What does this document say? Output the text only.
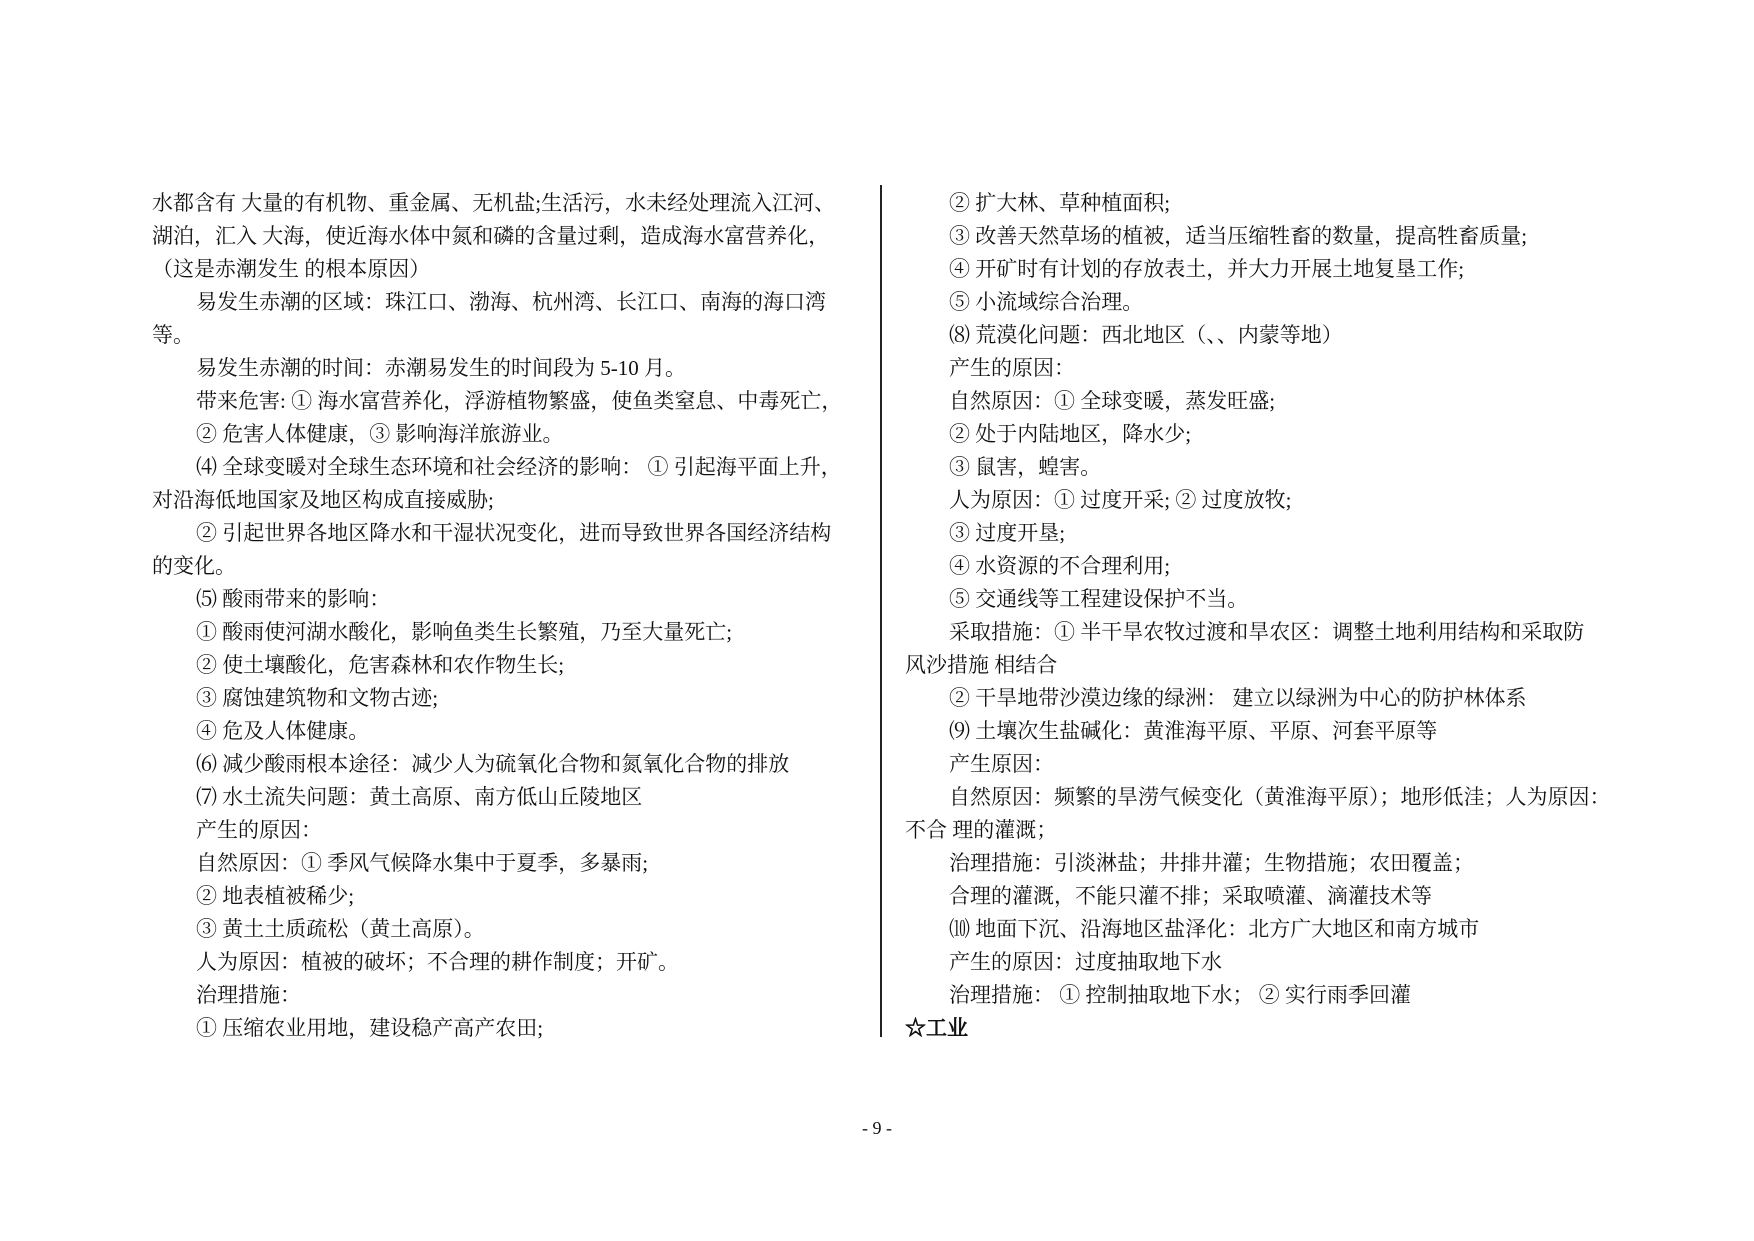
水都含有 大量的有机物、重金属、无机盐;生活污，水未经处理流入江河、
湖泊，汇入 大海，使近海水体中氮和磷的含量过剩，造成海水富营养化，
（这是赤潮发生 的根本原因）
易发生赤潮的区域：珠江口、渤海、杭州湾、长江口、南海的海口湾
等。
易发生赤潮的时间：赤潮易发生的时间段为 5-10 月。
带来危害: ① 海水富营养化，浮游植物繁盛，使鱼类窒息、中毒死亡，
② 危害人体健康，③ 影响海洋旅游业。
⑷ 全球变暖对全球生态环境和社会经济的影响： ① 引起海平面上升，
对沿海低地国家及地区构成直接威胁;
② 引起世界各地区降水和干湿状况变化，进而导致世界各国经济结构
的变化。
⑸ 酸雨带来的影响：
① 酸雨使河湖水酸化，影响鱼类生长繁殖，乃至大量死亡;
② 使土壤酸化，危害森林和农作物生长;
③ 腐蚀建筑物和文物古迹;
④ 危及人体健康。
⑹ 减少酸雨根本途径：减少人为硫氧化合物和氮氧化合物的排放
⑺ 水土流失问题：黄土高原、南方低山丘陵地区
产生的原因：
自然原因：① 季风气候降水集中于夏季，多暴雨;
② 地表植被稀少;
③ 黄土土质疏松（黄土高原）。
人为原因：植被的破坏；不合理的耕作制度；开矿。
治理措施：
① 压缩农业用地，建设稳产高产农田;
② 扩大林、草种植面积;
③ 改善天然草场的植被，适当压缩牲畜的数量，提高牲畜质量;
④ 开矿时有计划的存放表土，并大力开展土地复垦工作;
⑤ 小流域综合治理。
⑻ 荒漠化问题：西北地区（、、内蒙等地）
产生的原因：
自然原因：① 全球变暖，蒸发旺盛;
② 处于内陆地区，降水少;
③ 鼠害，蝗害。
人为原因：① 过度开采; ② 过度放牧;
③ 过度开垦;
④ 水资源的不合理利用;
⑤ 交通线等工程建设保护不当。
采取措施：① 半干旱农牧过渡和旱农区：调整土地利用结构和采取防
风沙措施 相结合
② 干旱地带沙漠边缘的绿洲： 建立以绿洲为中心的防护林体系
⑼ 土壤次生盐碱化：黄淮海平原、平原、河套平原等
产生原因：
自然原因：频繁的旱涝气候变化（黄淮海平原）；地形低洼；人为原因：
不合 理的灌溉；
治理措施：引淡淋盐；井排井灌；生物措施；农田覆盖；
合理的灌溉，不能只灌不排；采取喷灌、滴灌技术等
⑽ 地面下沉、沿海地区盐泽化：北方广大地区和南方城市
产生的原因：过度抽取地下水
治理措施： ① 控制抽取地下水； ② 实行雨季回灌
☆工业
- 9 -
